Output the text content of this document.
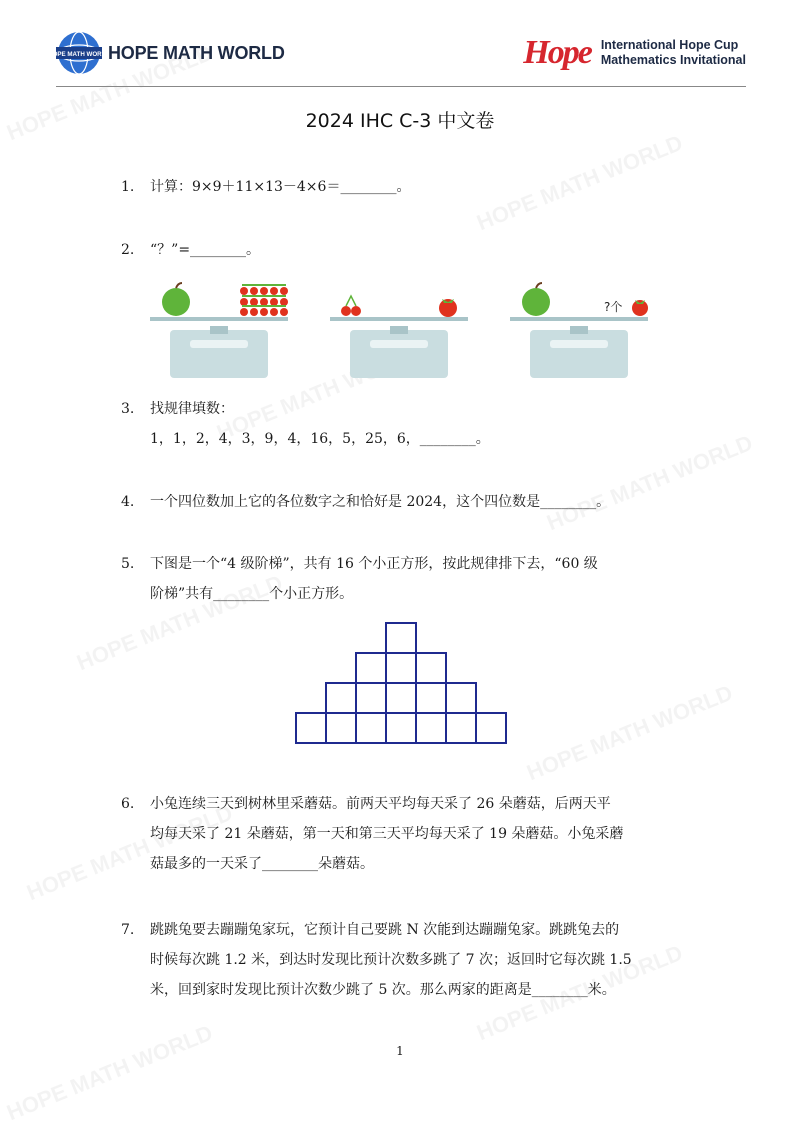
HOPE MATH WORLD
HOPE MATH WORLD	Hope International Hope Cup
Mathematics Invitational
2024 IHC C-3 中文卷
1.	计算：9×9＋11×13－4×6＝________。
2.	“？”=________。
?个
3.	找规律填数：
1，1，2，4，3，9，4，16，5，25，6，________。
4.	一个四位数加上它的各位数字之和恰好是 2024，这个四位数是________。
5.	下图是一个“4 级阶梯”，共有 16 个小正方形，按此规律排下去，“60 级
阶梯”共有________个小正方形。
6.	小兔连续三天到树林里采蘑菇。前两天平均每天采了 26 朵蘑菇，后两天平
均每天采了 21 朵蘑菇，第一天和第三天平均每天采了 19 朵蘑菇。小兔采蘑
菇最多的一天采了________朵蘑菇。
7.	跳跳兔要去蹦蹦兔家玩，它预计自己要跳 N 次能到达蹦蹦兔家。跳跳兔去的
时候每次跳 1.2 米，到达时发现比预计次数多跳了 7 次；返回时它每次跳 1.5
米，回到家时发现比预计次数少跳了 5 次。那么两家的距离是________米。
1
